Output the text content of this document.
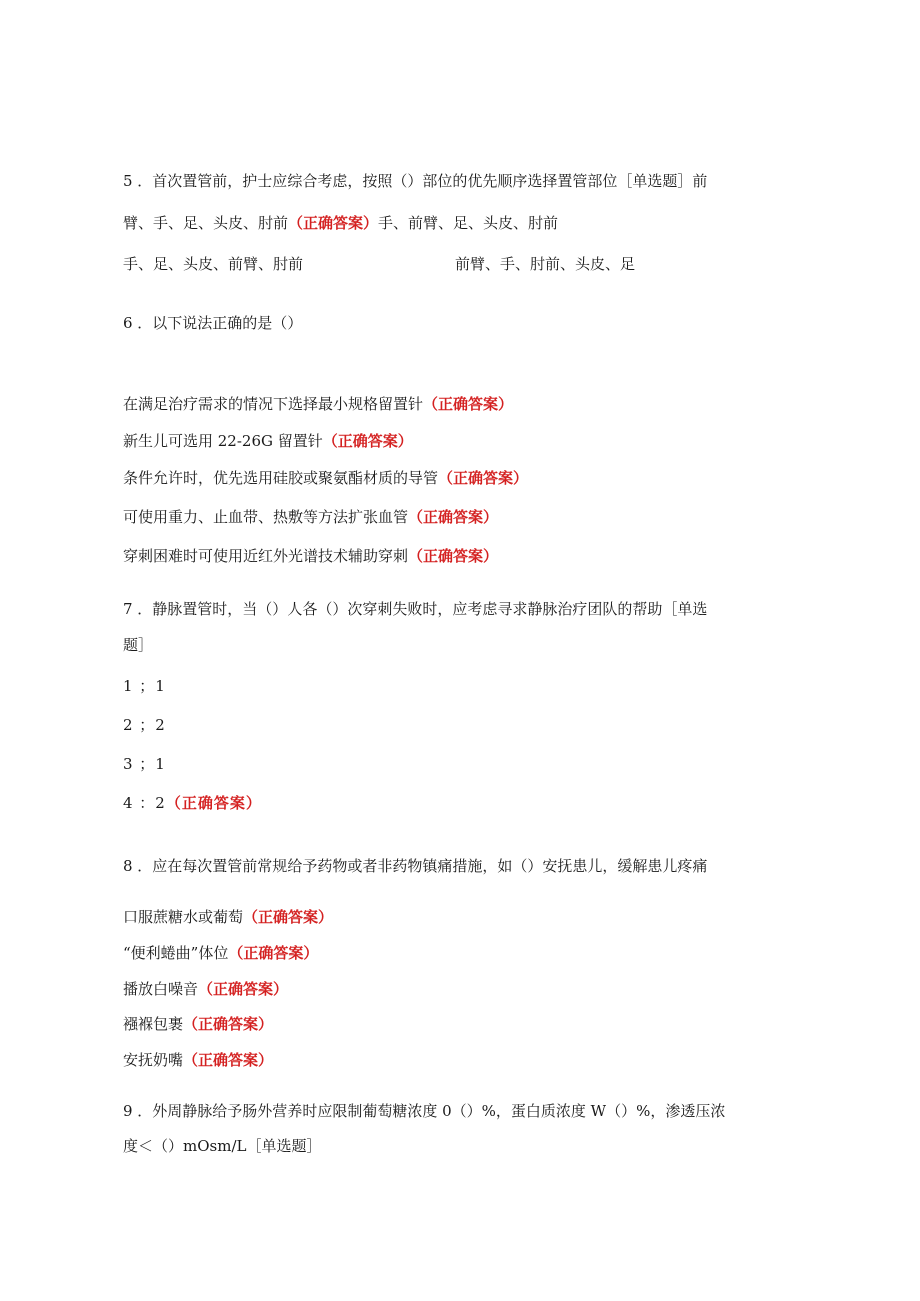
5 ．首次置管前，护士应综合考虑，按照（）部位的优先顺序选择置管部位［单选题］前
臂、手、足、头皮、肘前（正确答案）手、前臂、足、头皮、肘前
手、足、头皮、前臂、肘前	前臂、手、肘前、头皮、足
6 ．以下说法正确的是（）
在满足治疗需求的情况下选择最小规格留置针（正确答案）
新生儿可选用 22-26G 留置针（正确答案）
条件允许时，优先选用硅胶或聚氨酯材质的导管（正确答案）
可使用重力、止血带、热敷等方法扩张血管（正确答案）
穿刺困难时可使用近红外光谱技术辅助穿刺（正确答案）
7 ．静脉置管时，当（）人各（）次穿刺失败时，应考虑寻求静脉治疗团队的帮助［单选
题］
1 ；1
2 ；2
3 ；1
4 ：2（正确答案）
8 ．应在每次置管前常规给予药物或者非药物镇痛措施，如（）安抚患儿，缓解患儿疼痛
口服蔗糖水或葡萄（正确答案）
“便利蜷曲”体位（正确答案）
播放白噪音（正确答案）
襁褓包裹（正确答案）
安抚奶嘴（正确答案）
9 ．外周静脉给予肠外营养时应限制葡萄糖浓度 0（）%，蛋白质浓度 W（）%，渗透压浓
度＜（）mOsm/L［单选题］
